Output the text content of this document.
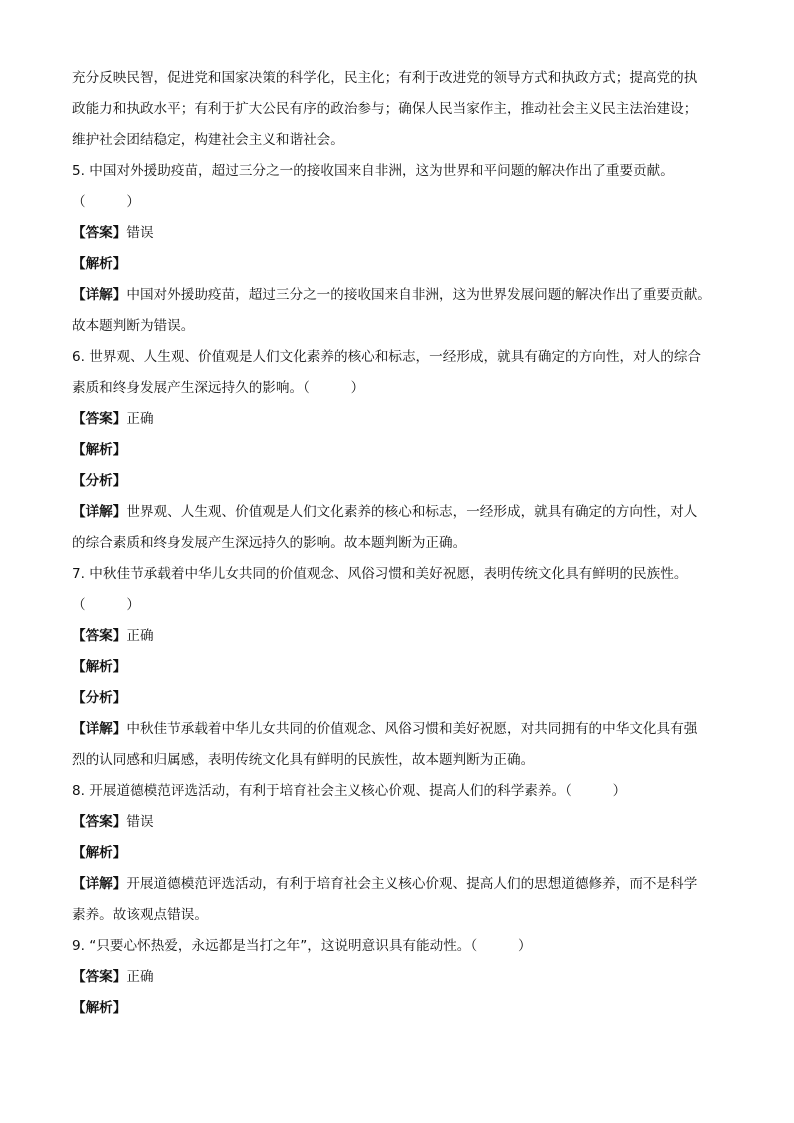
充分反映民智，促进党和国家决策的科学化，民主化；有利于改进党的领导方式和执政方式；提高党的执

政能力和执政水平；有利于扩大公民有序的政治参与；确保人民当家作主，推动社会主义民主法治建设；

维护社会团结稳定，构建社会主义和谐社会。

5. 中国对外援助疫苗，超过三分之一的接收国来自非洲，这为世界和平问题的解决作出了重要贡献。

（　　　）

【答案】错误

【解析】

【详解】中国对外援助疫苗，超过三分之一的接收国来自非洲，这为世界发展问题的解决作出了重要贡献。

故本题判断为错误。

6. 世界观、人生观、价值观是人们文化素养的核心和标志，一经形成，就具有确定的方向性，对人的综合

素质和终身发展产生深远持久的影响。（　　　）

【答案】正确

【解析】

【分析】

【详解】世界观、人生观、价值观是人们文化素养的核心和标志，一经形成，就具有确定的方向性，对人

的综合素质和终身发展产生深远持久的影响。故本题判断为正确。

7. 中秋佳节承载着中华儿女共同的价值观念、风俗习惯和美好祝愿，表明传统文化具有鲜明的民族性。

（　　　）

【答案】正确

【解析】

【分析】

【详解】中秋佳节承载着中华儿女共同的价值观念、风俗习惯和美好祝愿，对共同拥有的中华文化具有强

烈的认同感和归属感，表明传统文化具有鲜明的民族性，故本题判断为正确。

8. 开展道德模范评选活动，有利于培育社会主义核心价观、提高人们的科学素养。（　　　）

【答案】错误

【解析】

【详解】开展道德模范评选活动，有利于培育社会主义核心价观、提高人们的思想道德修养，而不是科学

素养。故该观点错误。

9. “只要心怀热爱，永远都是当打之年”，这说明意识具有能动性。（　　　）

【答案】正确

【解析】
